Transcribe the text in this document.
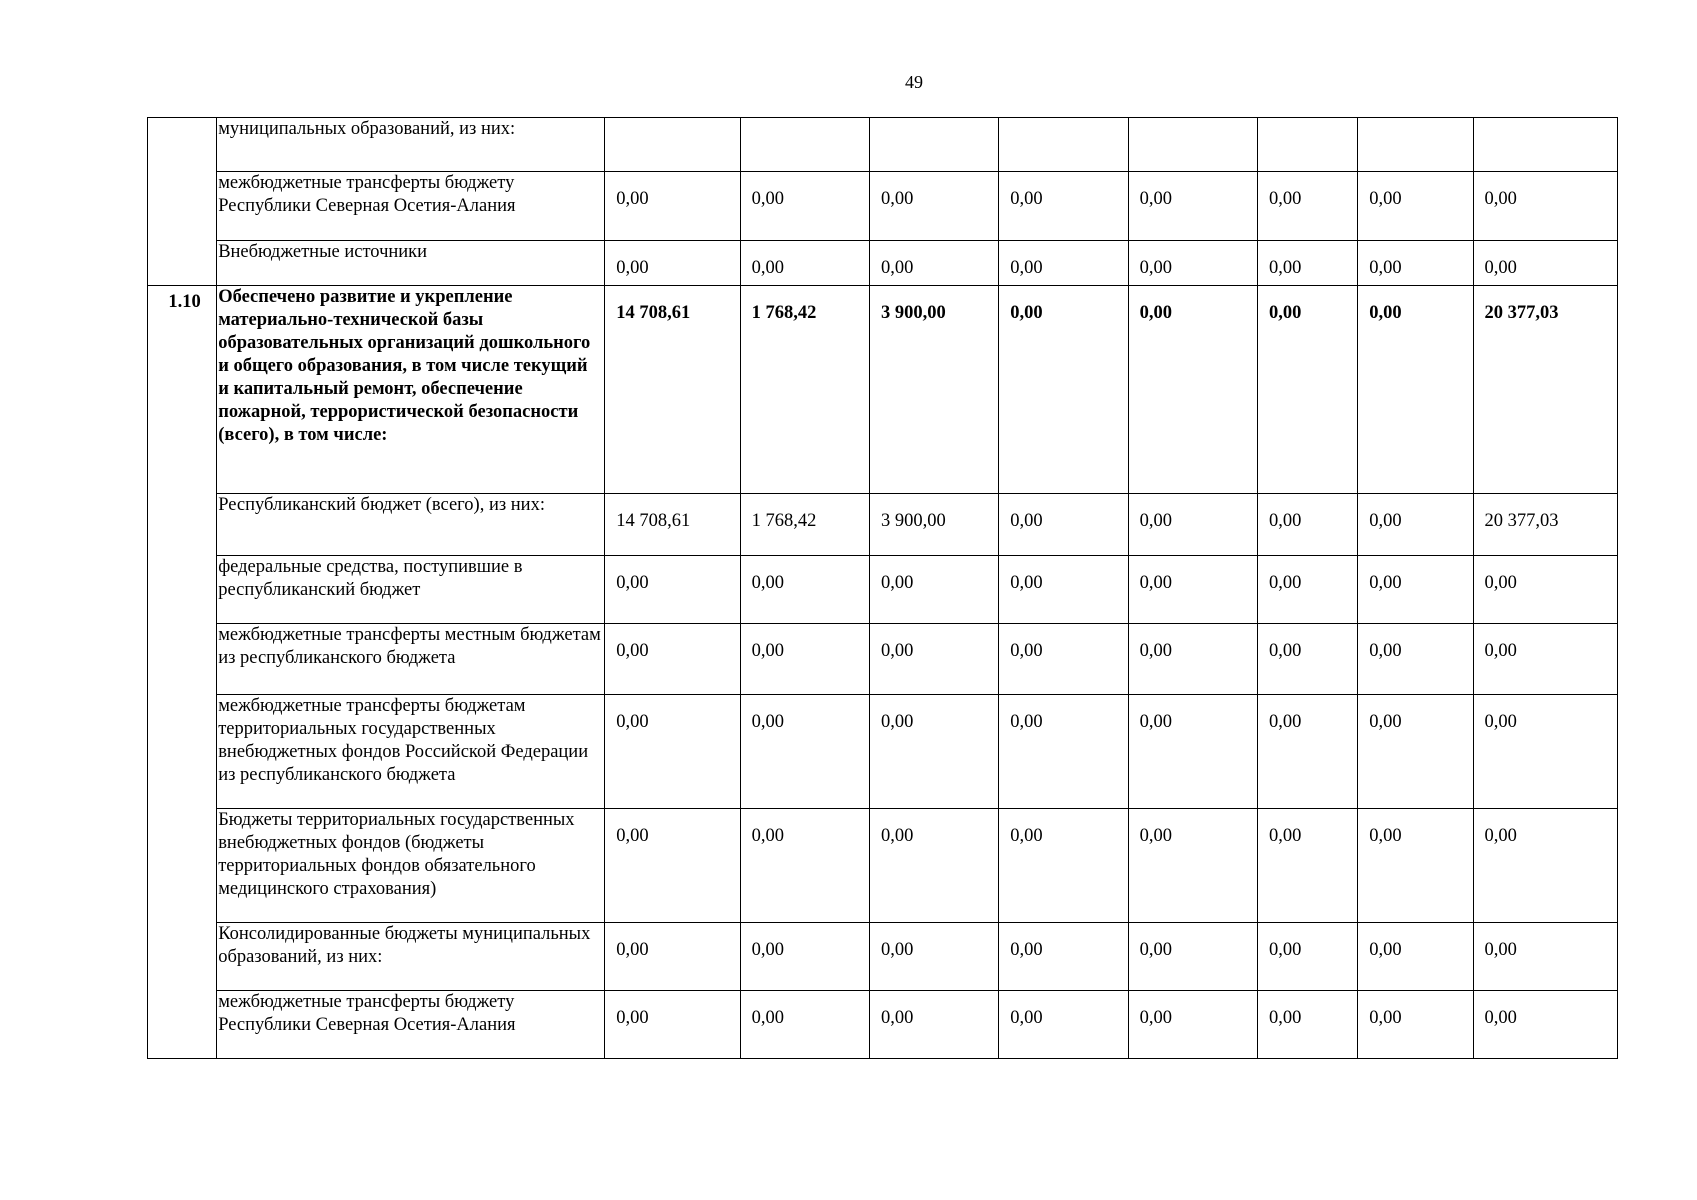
49
	муниципальных образований, из них:								
	межбюджетные трансферты бюджету Республики Северная Осетия-Алания	0,00	0,00	0,00	0,00	0,00	0,00	0,00	0,00
	Внебюджетные источники	0,00	0,00	0,00	0,00	0,00	0,00	0,00	0,00
1.10	Обеспечено развитие и укрепление материально-технической базы образовательных организаций дошкольного и общего образования, в том числе текущий и капитальный ремонт, обеспечение пожарной, террористической безопасности (всего), в том числе:	14 708,61	1 768,42	3 900,00	0,00	0,00	0,00	0,00	20 377,03
	Республиканский бюджет (всего), из них:	14 708,61	1 768,42	3 900,00	0,00	0,00	0,00	0,00	20 377,03
	федеральные средства, поступившие в республиканский бюджет	0,00	0,00	0,00	0,00	0,00	0,00	0,00	0,00
	межбюджетные трансферты местным бюджетам из республиканского бюджета	0,00	0,00	0,00	0,00	0,00	0,00	0,00	0,00
	межбюджетные трансферты бюджетам территориальных государственных внебюджетных фондов Российской Федерации из республиканского бюджета	0,00	0,00	0,00	0,00	0,00	0,00	0,00	0,00
	Бюджеты территориальных государственных внебюджетных фондов (бюджеты территориальных фондов обязательного медицинского страхования)	0,00	0,00	0,00	0,00	0,00	0,00	0,00	0,00
	Консолидированные бюджеты муниципальных образований, из них:	0,00	0,00	0,00	0,00	0,00	0,00	0,00	0,00
	межбюджетные трансферты бюджету Республики Северная Осетия-Алания	0,00	0,00	0,00	0,00	0,00	0,00	0,00	0,00
